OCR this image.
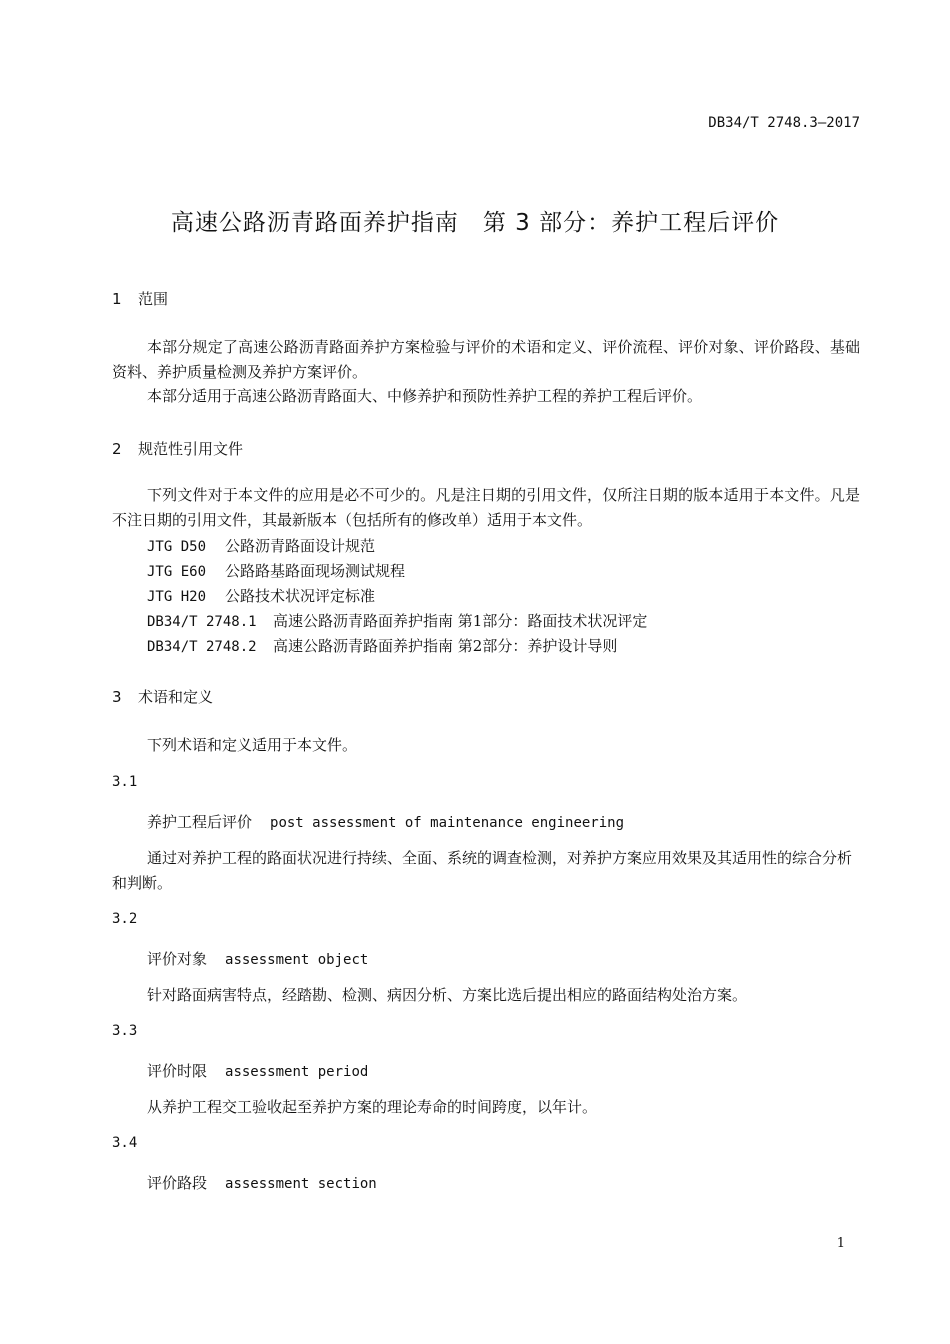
DB34/T 2748.3—2017
高速公路沥青路面养护指南　第 3 部分：养护工程后评价
1 范围
本部分规定了高速公路沥青路面养护方案检验与评价的术语和定义、评价流程、评价对象、评价路段、基础资料、养护质量检测及养护方案评价。
本部分适用于高速公路沥青路面大、中修养护和预防性养护工程的养护工程后评价。
2 规范性引用文件
下列文件对于本文件的应用是必不可少的。凡是注日期的引用文件，仅所注日期的版本适用于本文件。凡是不注日期的引用文件，其最新版本（包括所有的修改单）适用于本文件。
JTG D50 公路沥青路面设计规范
JTG E60 公路路基路面现场测试规程
JTG H20 公路技术状况评定标准
DB34/T 2748.1 高速公路沥青路面养护指南 第1部分：路面技术状况评定
DB34/T 2748.2 高速公路沥青路面养护指南 第2部分：养护设计导则
3 术语和定义
下列术语和定义适用于本文件。
3.1
养护工程后评价 post assessment of maintenance engineering
通过对养护工程的路面状况进行持续、全面、系统的调查检测，对养护方案应用效果及其适用性的综合分析和判断。
3.2
评价对象 assessment object
针对路面病害特点，经踏勘、检测、病因分析、方案比选后提出相应的路面结构处治方案。
3.3
评价时限 assessment period
从养护工程交工验收起至养护方案的理论寿命的时间跨度，以年计。
3.4
评价路段 assessment section
1
